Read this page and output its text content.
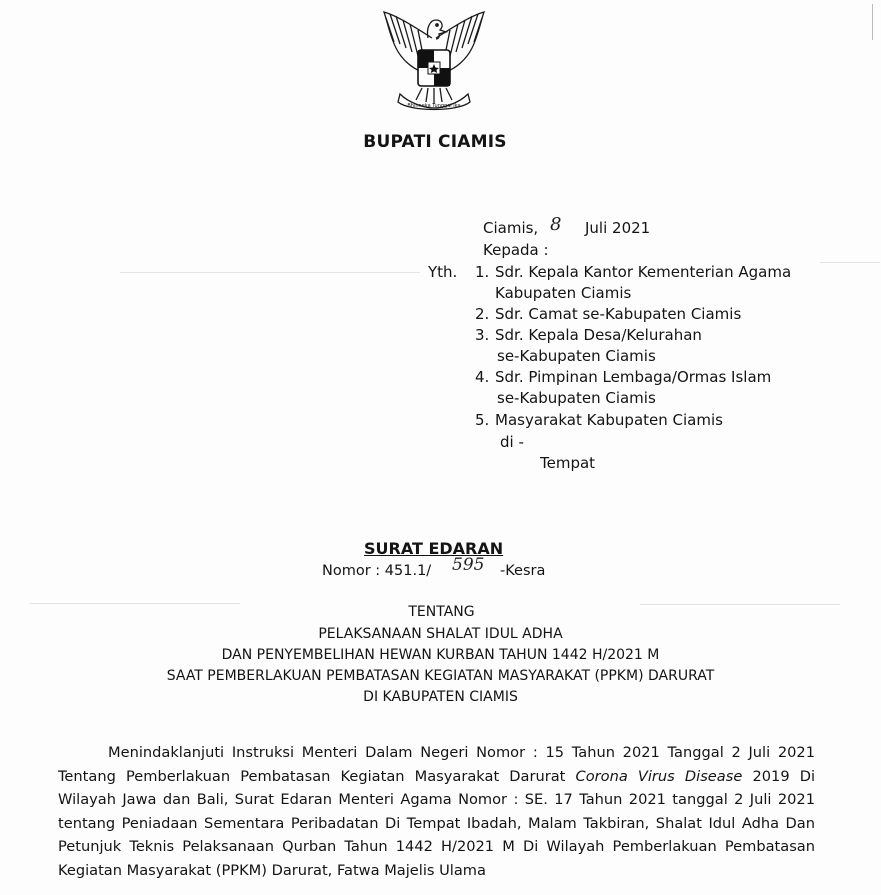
Bhinneka Tunggal Ika
BUPATI CIAMIS
Ciamis, 8 Juli 2021
Kepada :
Yth. 1. Sdr. Kepala Kantor Kementerian Agama
Kabupaten Ciamis
2. Sdr. Camat se-Kabupaten Ciamis
3. Sdr. Kepala Desa/Kelurahan
se-Kabupaten Ciamis
4. Sdr. Pimpinan Lembaga/Ormas Islam
se-Kabupaten Ciamis
5. Masyarakat Kabupaten Ciamis
di -
Tempat
SURAT EDARAN
Nomor : 451.1/ 595 -Kesra
TENTANG
PELAKSANAAN SHALAT IDUL ADHA
DAN PENYEMBELIHAN HEWAN KURBAN TAHUN 1442 H/2021 M
SAAT PEMBERLAKUAN PEMBATASAN KEGIATAN MASYARAKAT (PPKM) DARURAT
DI KABUPATEN CIAMIS
Menindaklanjuti Instruksi Menteri Dalam Negeri Nomor : 15 Tahun 2021 Tanggal 2 Juli 2021 Tentang Pemberlakuan Pembatasan Kegiatan Masyarakat Darurat Corona Virus Disease 2019 Di Wilayah Jawa dan Bali, Surat Edaran Menteri Agama Nomor : SE. 17 Tahun 2021 tanggal 2 Juli 2021 tentang Peniadaan Sementara Peribadatan Di Tempat Ibadah, Malam Takbiran, Shalat Idul Adha Dan Petunjuk Teknis Pelaksanaan Qurban Tahun 1442 H/2021 M Di Wilayah Pemberlakuan Pembatasan Kegiatan Masyarakat (PPKM) Darurat, Fatwa Majelis Ulama
